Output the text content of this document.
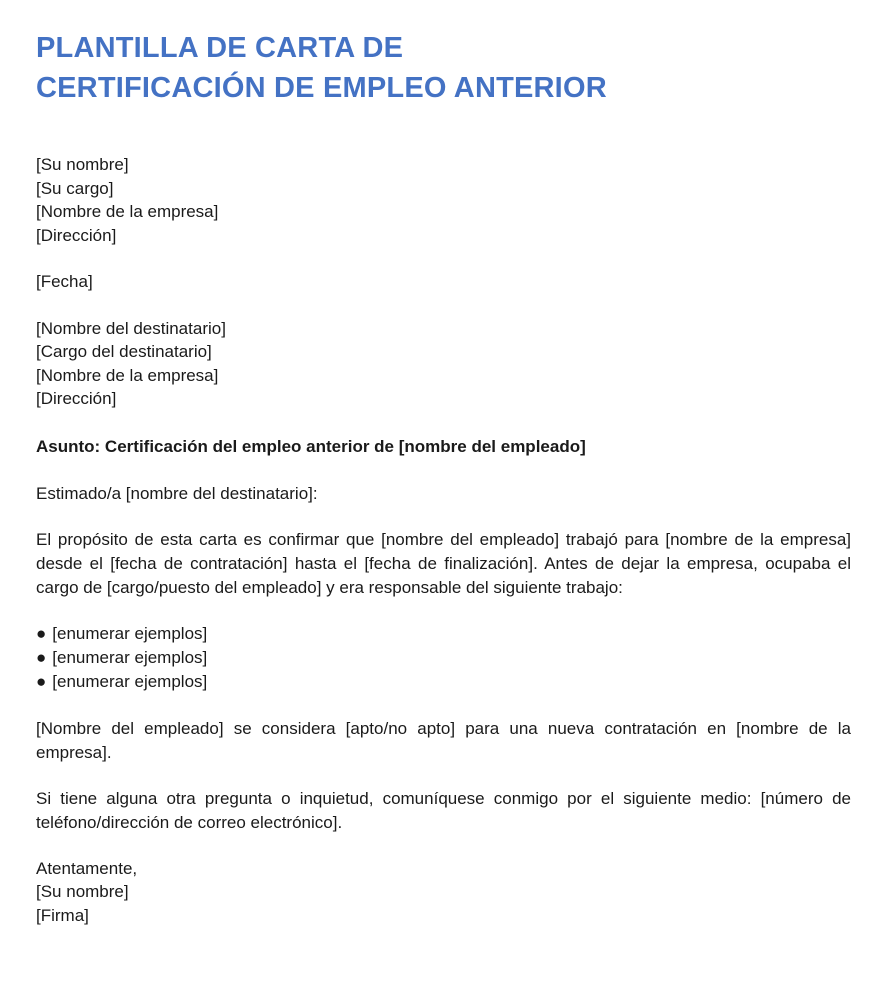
PLANTILLA DE CARTA DE
CERTIFICACIÓN DE EMPLEO ANTERIOR
[Su nombre]
[Su cargo]
[Nombre de la empresa]
[Dirección]
[Fecha]
[Nombre del destinatario]
[Cargo del destinatario]
[Nombre de la empresa]
[Dirección]
Asunto: Certificación del empleo anterior de [nombre del empleado]
Estimado/a [nombre del destinatario]:

El propósito de esta carta es confirmar que [nombre del empleado] trabajó para [nombre de la empresa] desde el [fecha de contratación] hasta el [fecha de finalización]. Antes de dejar la empresa, ocupaba el cargo de [cargo/puesto del empleado] y era responsable del siguiente trabajo:

● [enumerar ejemplos]
● [enumerar ejemplos]
● [enumerar ejemplos]

[Nombre del empleado] se considera [apto/no apto] para una nueva contratación en [nombre de la empresa].

Si tiene alguna otra pregunta o inquietud, comuníquese conmigo por el siguiente medio: [número de teléfono/dirección de correo electrónico].

Atentamente,
[Su nombre]
[Firma]
